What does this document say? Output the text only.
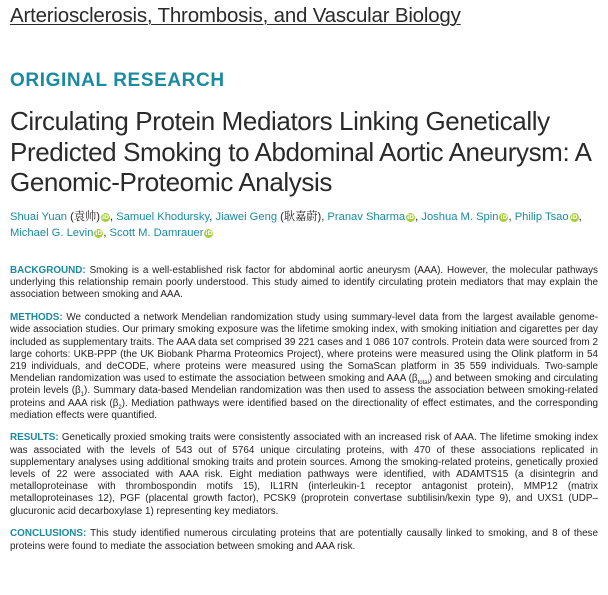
Arteriosclerosis, Thrombosis, and Vascular Biology
ORIGINAL RESEARCH
Circulating Protein Mediators Linking Genetically Predicted Smoking to Abdominal Aortic Aneurysm: A Genomic-Proteomic Analysis
Shuai Yuan (袁帅) iD, Samuel Khodursky, Jiawei Geng (耿嘉蔚), Pranav Sharma iD, Joshua M. Spin iD, Philip Tsao iD, Michael G. Levin iD, Scott M. Damrauer iD

BACKGROUND: Smoking is a well-established risk factor for abdominal aortic aneurysm (AAA). However, the molecular pathways underlying this relationship remain poorly understood. This study aimed to identify circulating protein mediators that may explain the association between smoking and AAA.

METHODS: We conducted a network Mendelian randomization study using summary-level data from the largest available genome-wide association studies. Our primary smoking exposure was the lifetime smoking index, with smoking initiation and cigarettes per day included as supplementary traits. The AAA data set comprised 39 221 cases and 1 086 107 controls. Protein data were sourced from 2 large cohorts: UKB-PPP (the UK Biobank Pharma Proteomics Project), where proteins were measured using the Olink platform in 54 219 individuals, and deCODE, where proteins were measured using the SomaScan platform in 35 559 individuals. Two-sample Mendelian randomization was used to estimate the association between smoking and AAA $(\beta_{total})$ and between smoking and circulating protein levels $(\beta_1)$. Summary data-based Mendelian randomization was then used to assess the association between smoking-related proteins and AAA risk $(\beta_2)$. Mediation pathways were identified based on the directionality of effect estimates, and the corresponding mediation effects were quantified.

RESULTS: Genetically proxied smoking traits were consistently associated with an increased risk of AAA. The lifetime smoking index was associated with the levels of 543 out of 5764 unique circulating proteins, with 470 of these associations replicated in supplementary analyses using additional smoking traits and protein sources. Among the smoking-related proteins, genetically proxied levels of 22 were associated with AAA risk. Eight mediation pathways were identified, with ADAMTS15 (a disintegrin and metalloproteinase with thrombospondin motifs 15), IL1RN (interleukin-1 receptor antagonist protein), MMP12 (matrix metalloproteinases 12), PGF (placental growth factor), PCSK9 (proprotein convertase subtilisin/kexin type 9), and UXS1 (UDP–glucuronic acid decarboxylase 1) representing key mediators.

CONCLUSIONS: This study identified numerous circulating proteins that are potentially causally linked to smoking, and 8 of these proteins were found to mediate the association between smoking and AAA risk.
